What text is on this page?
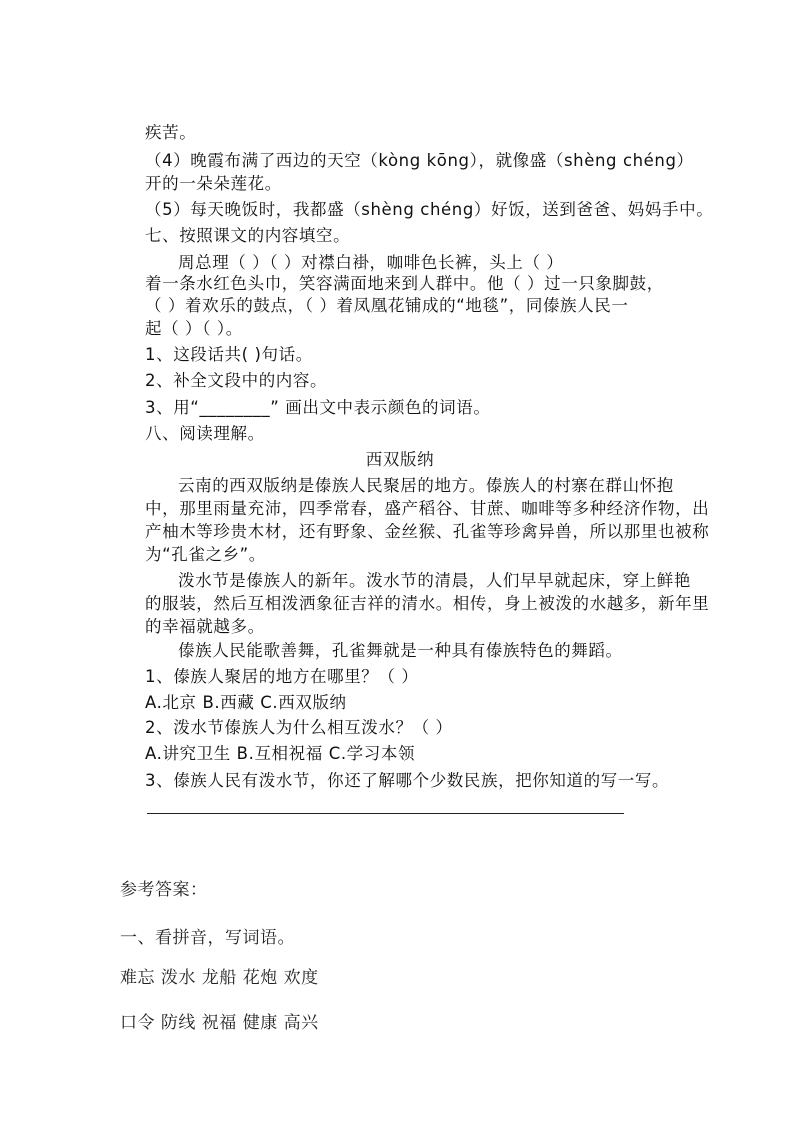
疾苦。
（4）晚霞布满了西边的天空（kòng kōng），就像盛（shèng chéng）
开的一朵朵莲花。
（5）每天晚饭时，我都盛（shèng chéng）好饭，送到爸爸、妈妈手中。
七、按照课文的内容填空。
周总理（ ）（ ）对襟白褂，咖啡色长裤，头上（ ）
着一条水红色头巾，笑容满面地来到人群中。他（ ）过一只象脚鼓，
（ ）着欢乐的鼓点，（ ）着凤凰花铺成的“地毯”，同傣族人民一
起（ ）（ ）。
1、这段话共( )句话。
2、补全文段中的内容。
3、用“________” 画出文中表示颜色的词语。
八、阅读理解。
西双版纳
云南的西双版纳是傣族人民聚居的地方。傣族人的村寨在群山怀抱
中，那里雨量充沛，四季常春，盛产稻谷、甘蔗、咖啡等多种经济作物，出
产柚木等珍贵木材，还有野象、金丝猴、孔雀等珍禽异兽，所以那里也被称
为“孔雀之乡”。
泼水节是傣族人的新年。泼水节的清晨，人们早早就起床，穿上鲜艳
的服装，然后互相泼洒象征吉祥的清水。相传，身上被泼的水越多，新年里
的幸福就越多。
傣族人民能歌善舞，孔雀舞就是一种具有傣族特色的舞蹈。
1、傣族人聚居的地方在哪里？（ ）
A.北京 B.西藏 C.西双版纳
2、泼水节傣族人为什么相互泼水？（ ）
A.讲究卫生 B.互相祝福 C.学习本领
3、傣族人民有泼水节，你还了解哪个少数民族，把你知道的写一写。
参考答案：
一、看拼音，写词语。
难忘 泼水 龙船 花炮 欢度
口令 防线 祝福 健康 高兴
